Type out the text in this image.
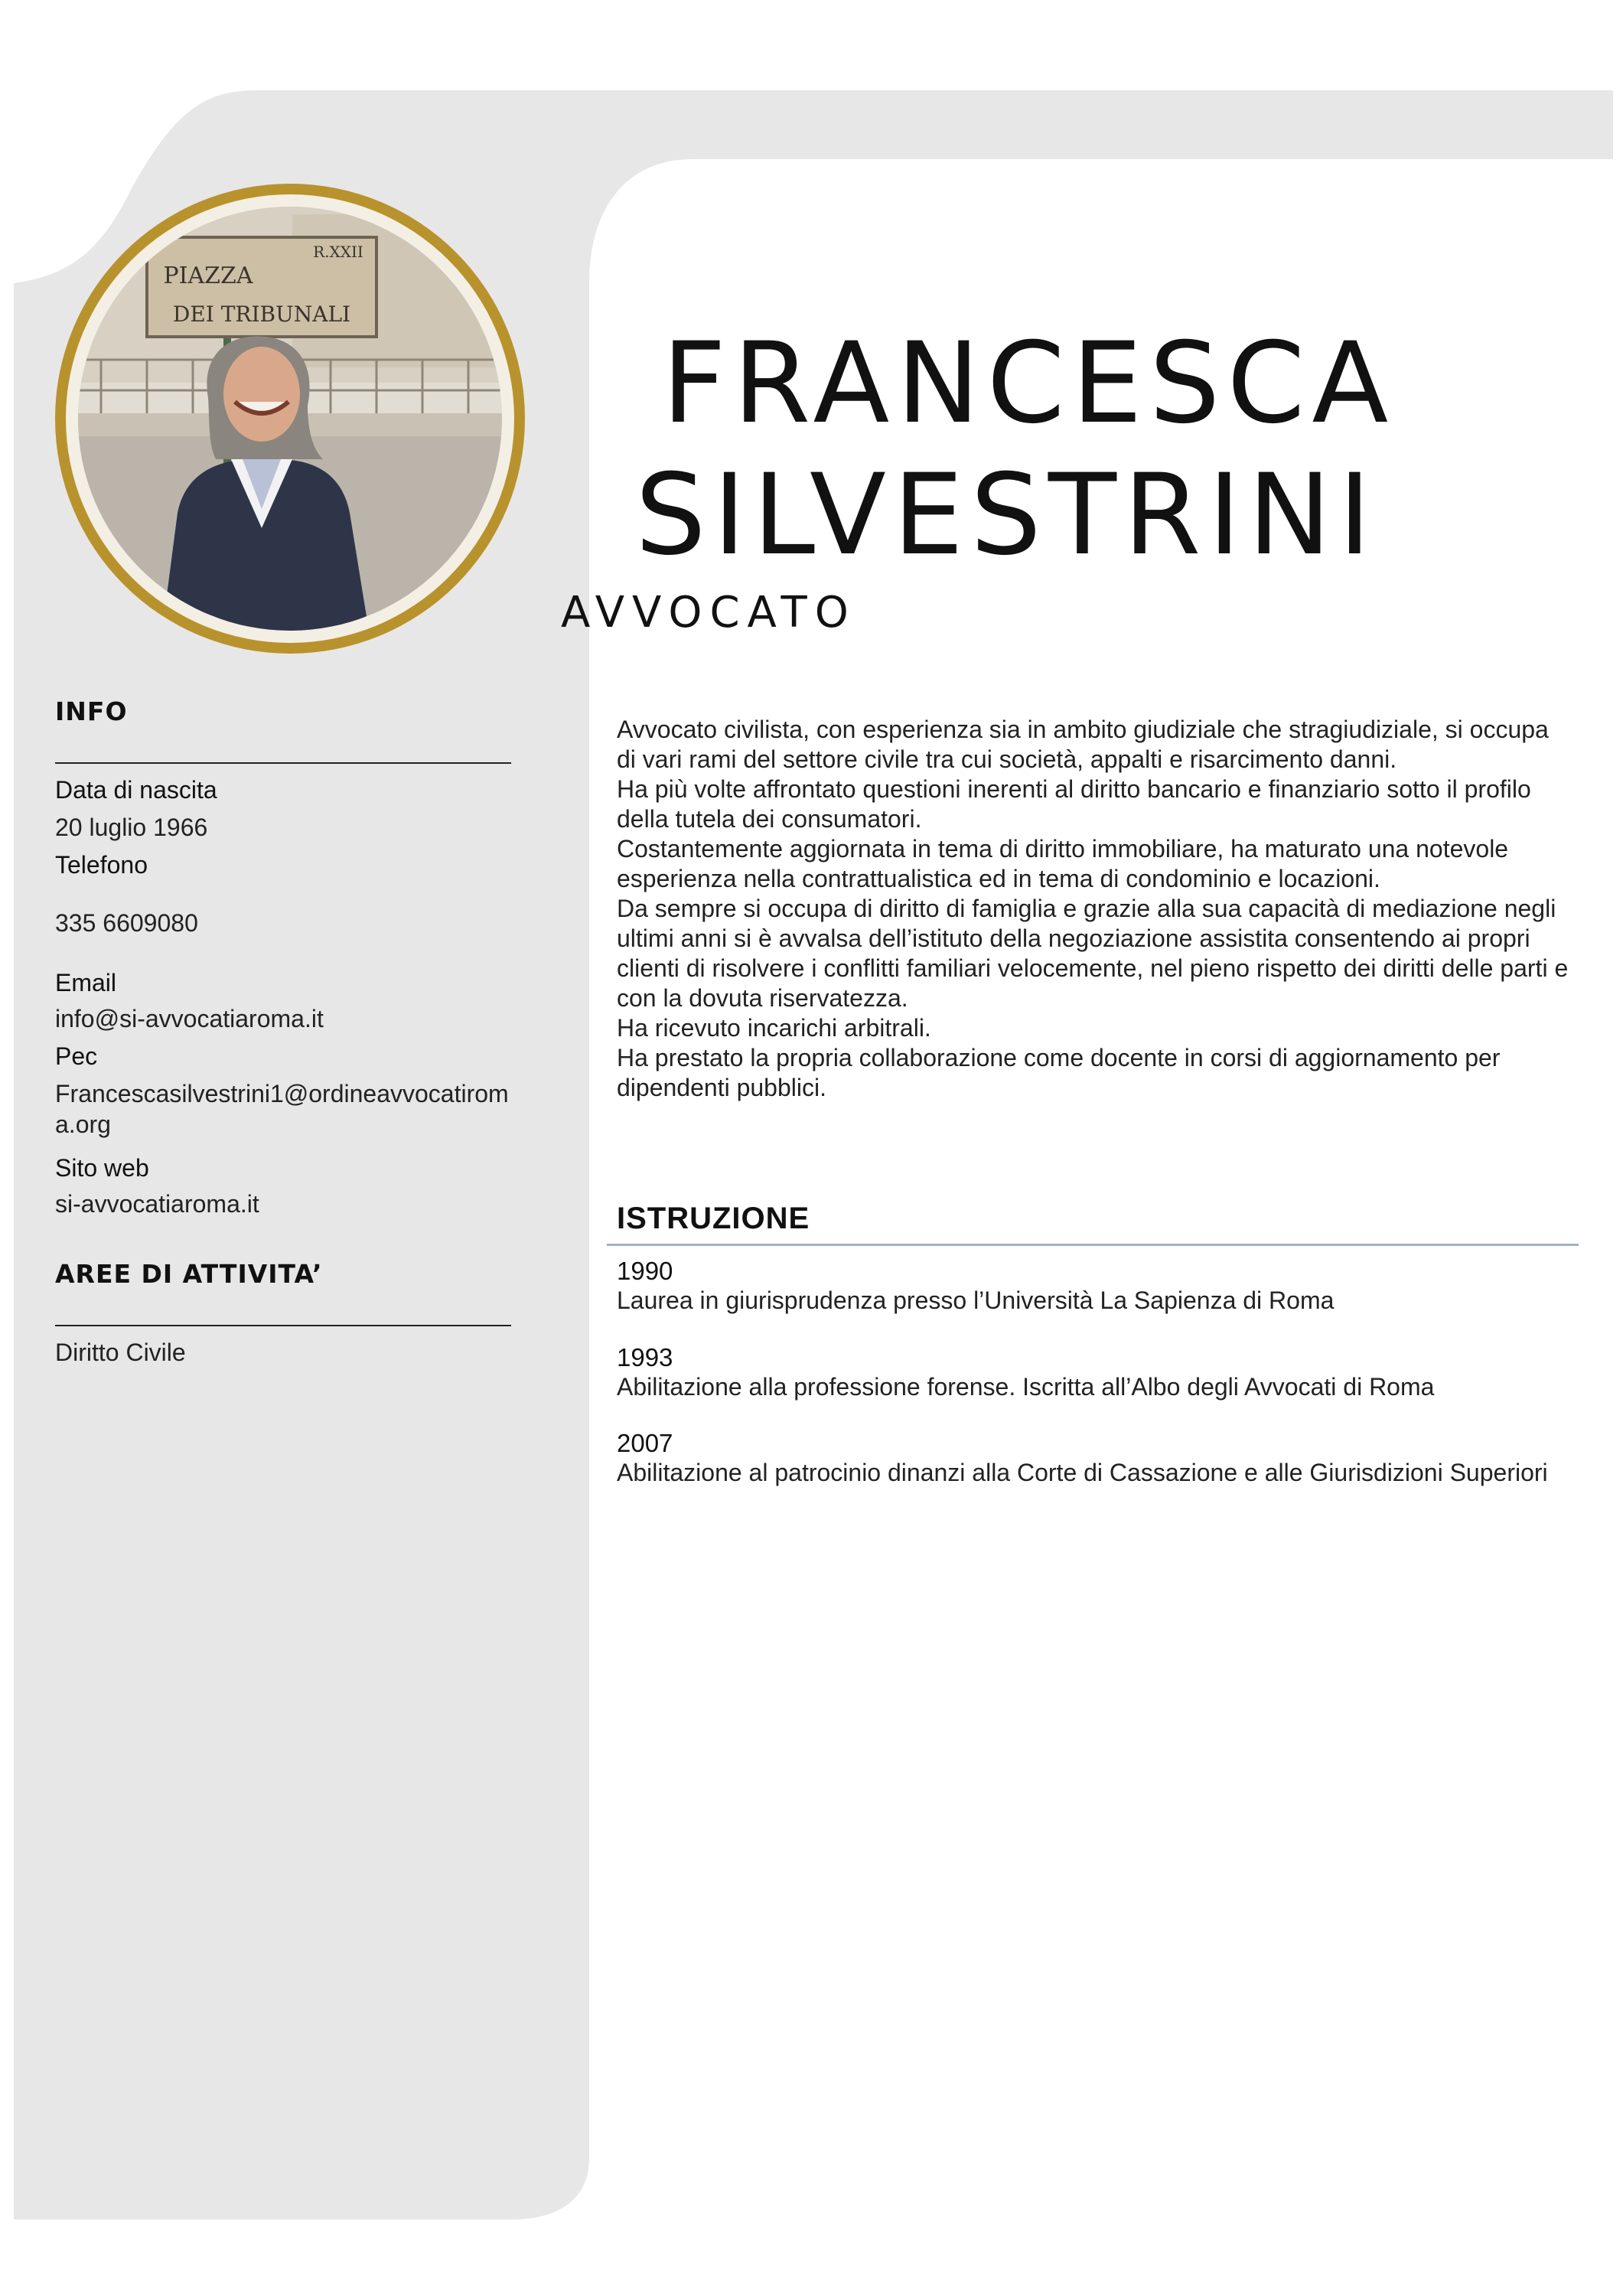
R.XXII
PIAZZA
DEI TRIBUNALI
FRANCESCA
SILVESTRINI
AVVOCATO
INFO
Data di nascita
20 luglio 1966
Telefono
335 6609080
Email
info@si-avvocatiaroma.it
Pec
Francescasilvestrini1@ordineavvocatiroma.org
Sito web
si-avvocatiaroma.it
AREE DI ATTIVITA’
Diritto Civile

Avvocato civilista, con esperienza sia in ambito giudiziale che stragiudiziale, si occupa di vari rami del settore civile tra cui società, appalti e risarcimento danni.

Ha più volte affrontato questioni inerenti al diritto bancario e finanziario sotto il profilo della tutela dei consumatori.

Costantemente aggiornata in tema di diritto immobiliare, ha maturato una notevole esperienza nella contrattualistica ed in tema di condominio e locazioni.

Da sempre si occupa di diritto di famiglia e grazie alla sua capacità di mediazione negli ultimi anni si è avvalsa dell’istituto della negoziazione assistita consentendo ai propri clienti di risolvere i conflitti familiari velocemente, nel pieno rispetto dei diritti delle parti e con la dovuta riservatezza.

Ha ricevuto incarichi arbitrali.

Ha prestato la propria collaborazione come docente in corsi di aggiornamento per dipendenti pubblici.

ISTRUZIONE
1990
Laurea in giurisprudenza presso l’Università La Sapienza di Roma
1993
Abilitazione alla professione forense. Iscritta all’Albo degli Avvocati di Roma
2007
Abilitazione al patrocinio dinanzi alla Corte di Cassazione e alle Giurisdizioni Superiori
